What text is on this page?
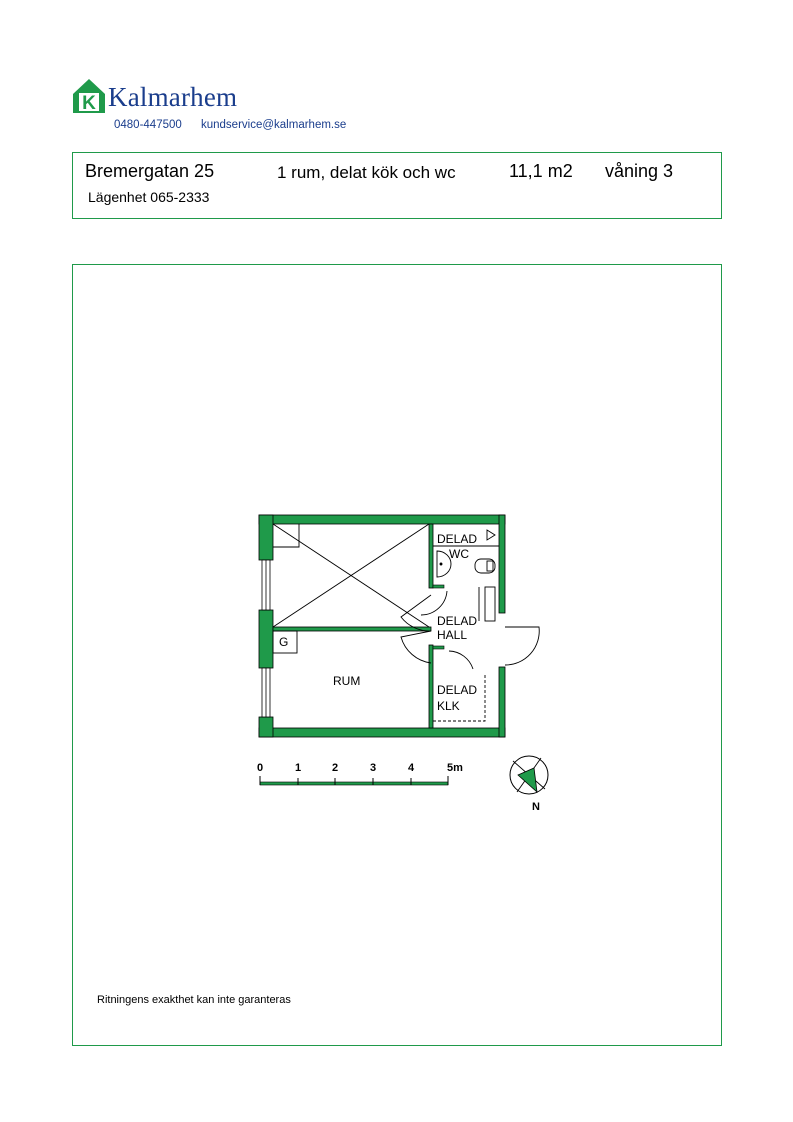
K Kalmarhem
0480-447500 kundservice@kalmarhem.se
Bremergatan 25
Lägenhet 065-2333
1 rum, delat kök och wc	11,1 m2 våning 3
DELAD
WC
DELAD
HALL
DELAD
KLK
RUM
G
0	1	2	3	4	5m
N
Ritningens exakthet kan inte garanteras
